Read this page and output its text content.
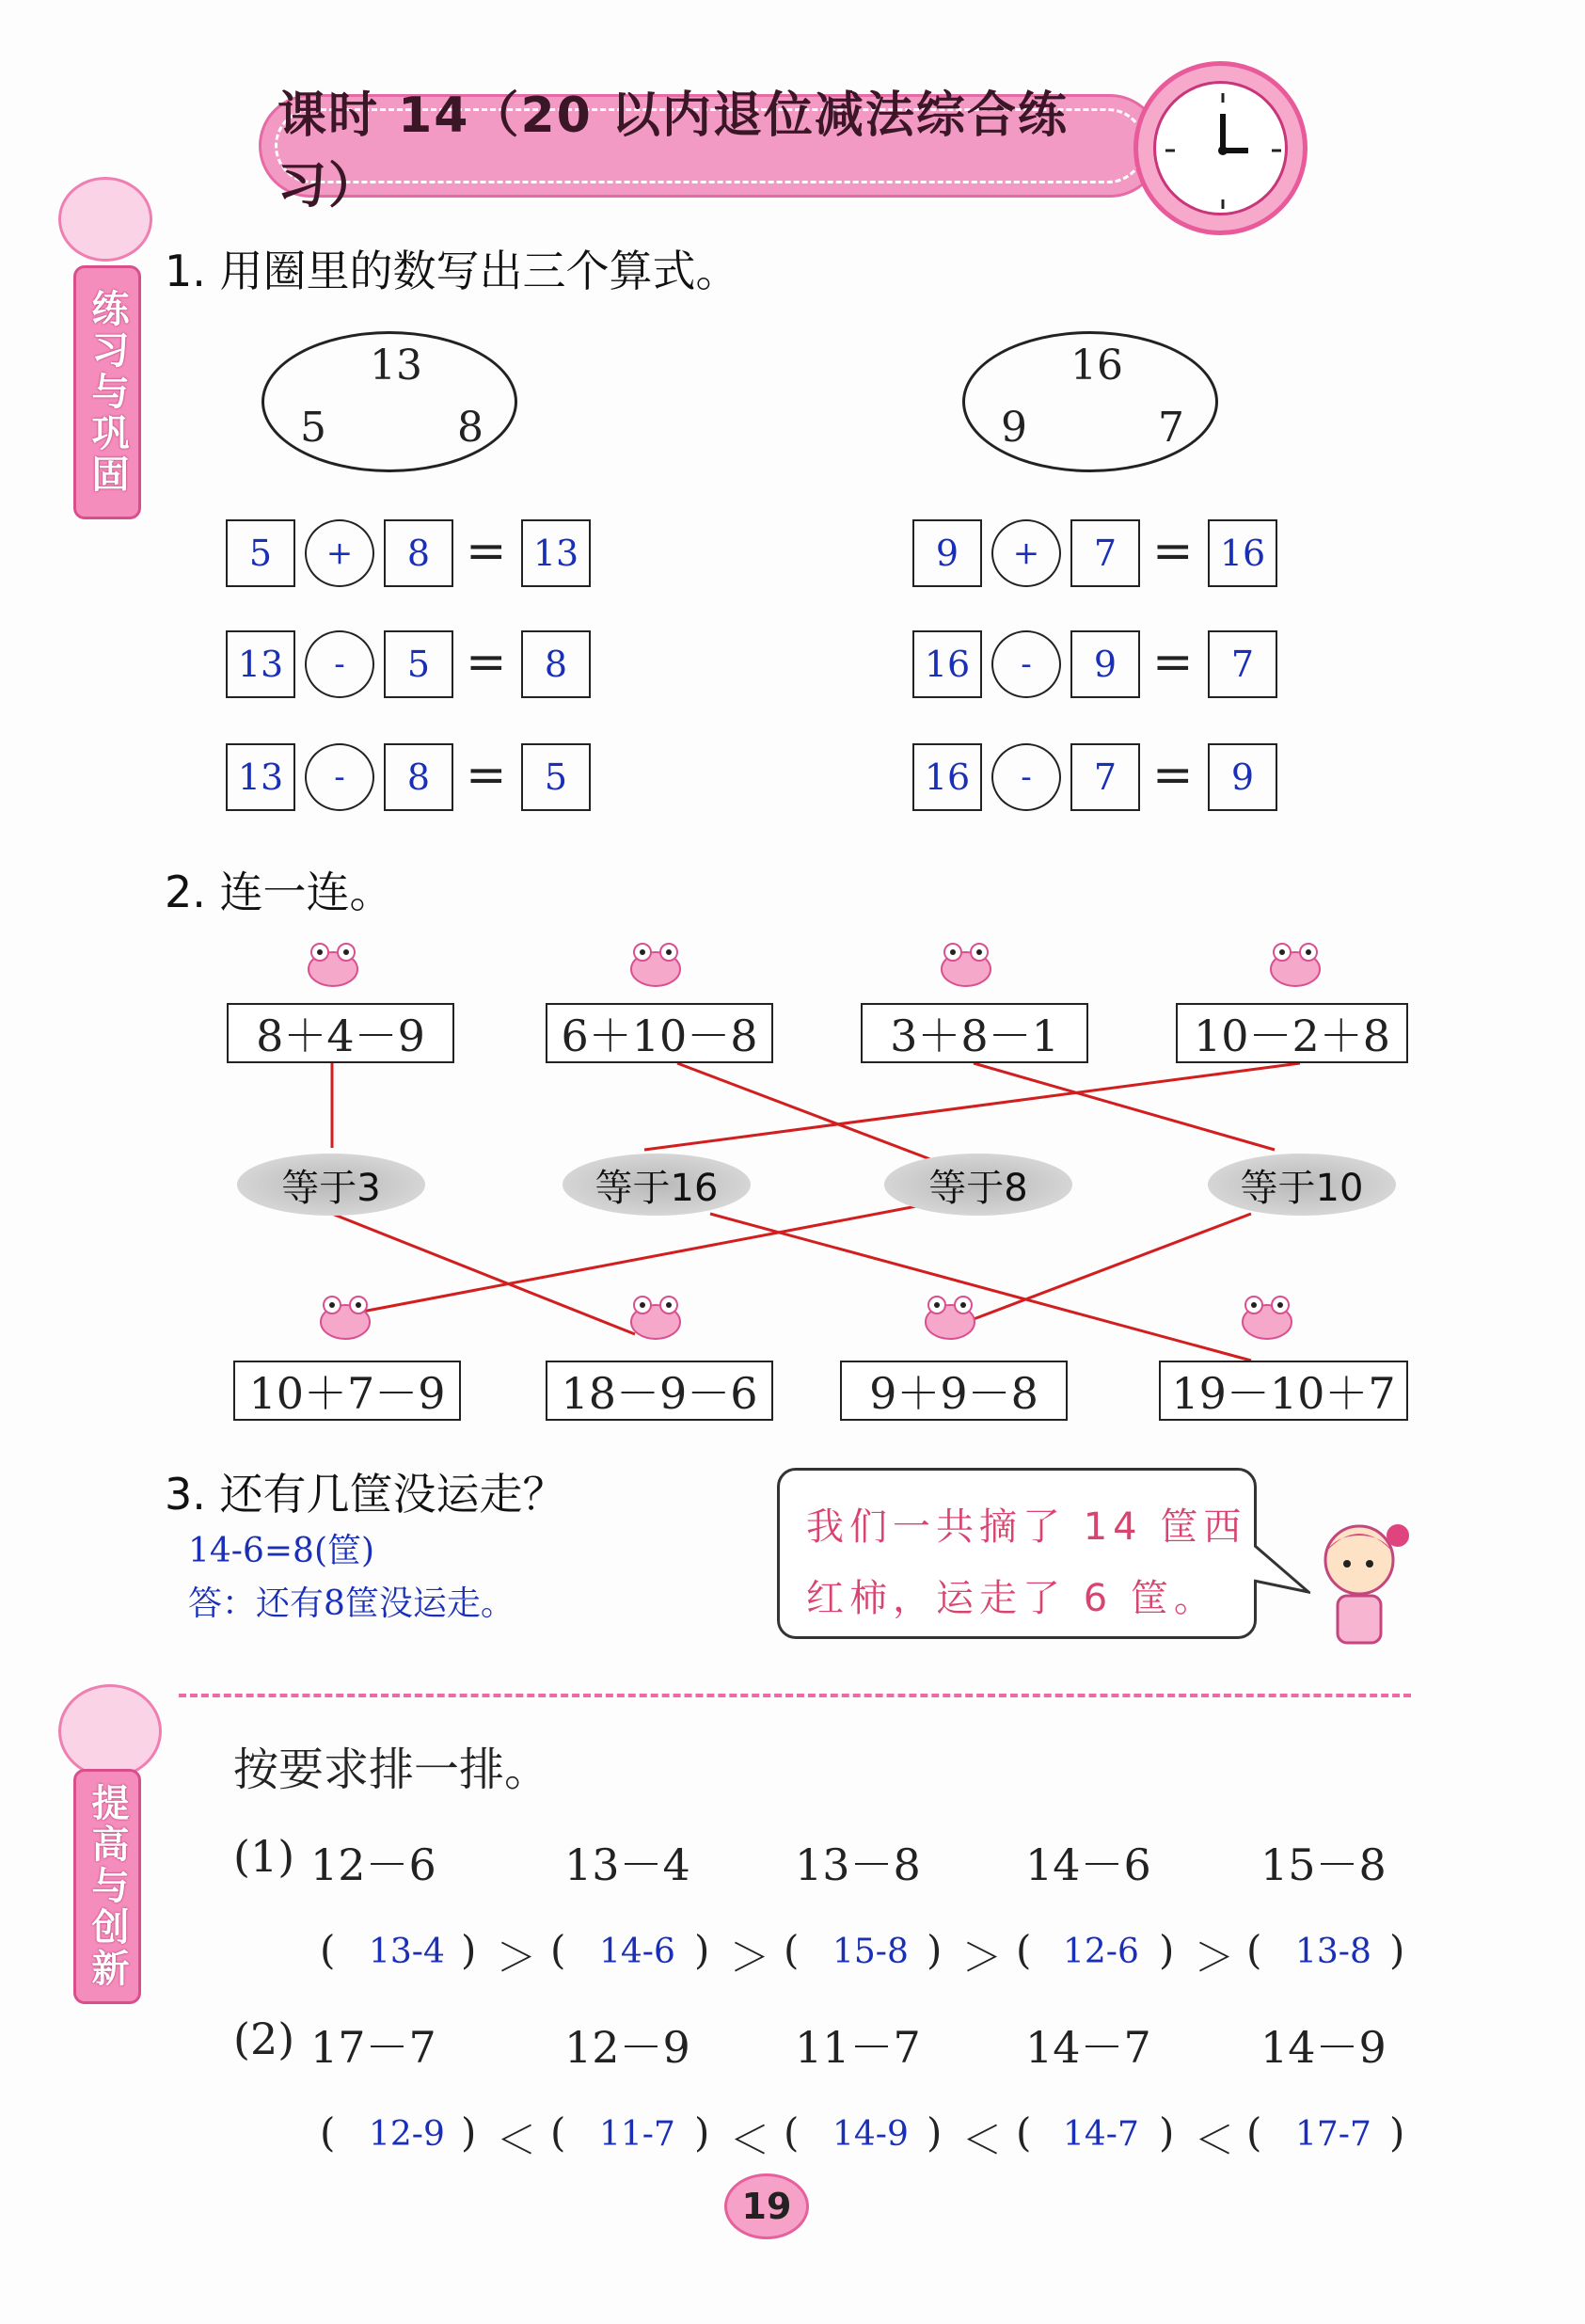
课时 14（20 以内退位减法综合练习）
练习与巩固
1. 用圈里的数写出三个算式。
13
5	8
16
9	7
5	+	8 = 13
13	-	5 =	8
13	-	8 =	5
9	+	7 = 16
16	-	9 =	7
16	-	7 =	9
2. 连一连。
8＋4－9	6＋10－8	3＋8－1	10－2＋8
等于3	等于16	等于8	等于10
10＋7－9	18－9－6	9＋9－8	19－10＋7
3. 还有几筐没运走？
14-6=8(筐)
答：还有8筐没运走。
我们一共摘了 14 筐西
红柿，运走了 6 筐。
提高与创新
按要求排一排。
(1) 12－6	13－4 13－8 14－6	15－8
( 13-4 ) ＞ ( 14-6 ) ＞ ( 15-8 ) ＞ ( 12-6 ) ＞ ( 13-8 )
(2) 17－7	12－9 11－7 14－7	14－9
( 12-9 ) ＜ ( 11-7 ) ＜ ( 14-9 ) ＜ ( 14-7 ) ＜ ( 17-7 )
19
